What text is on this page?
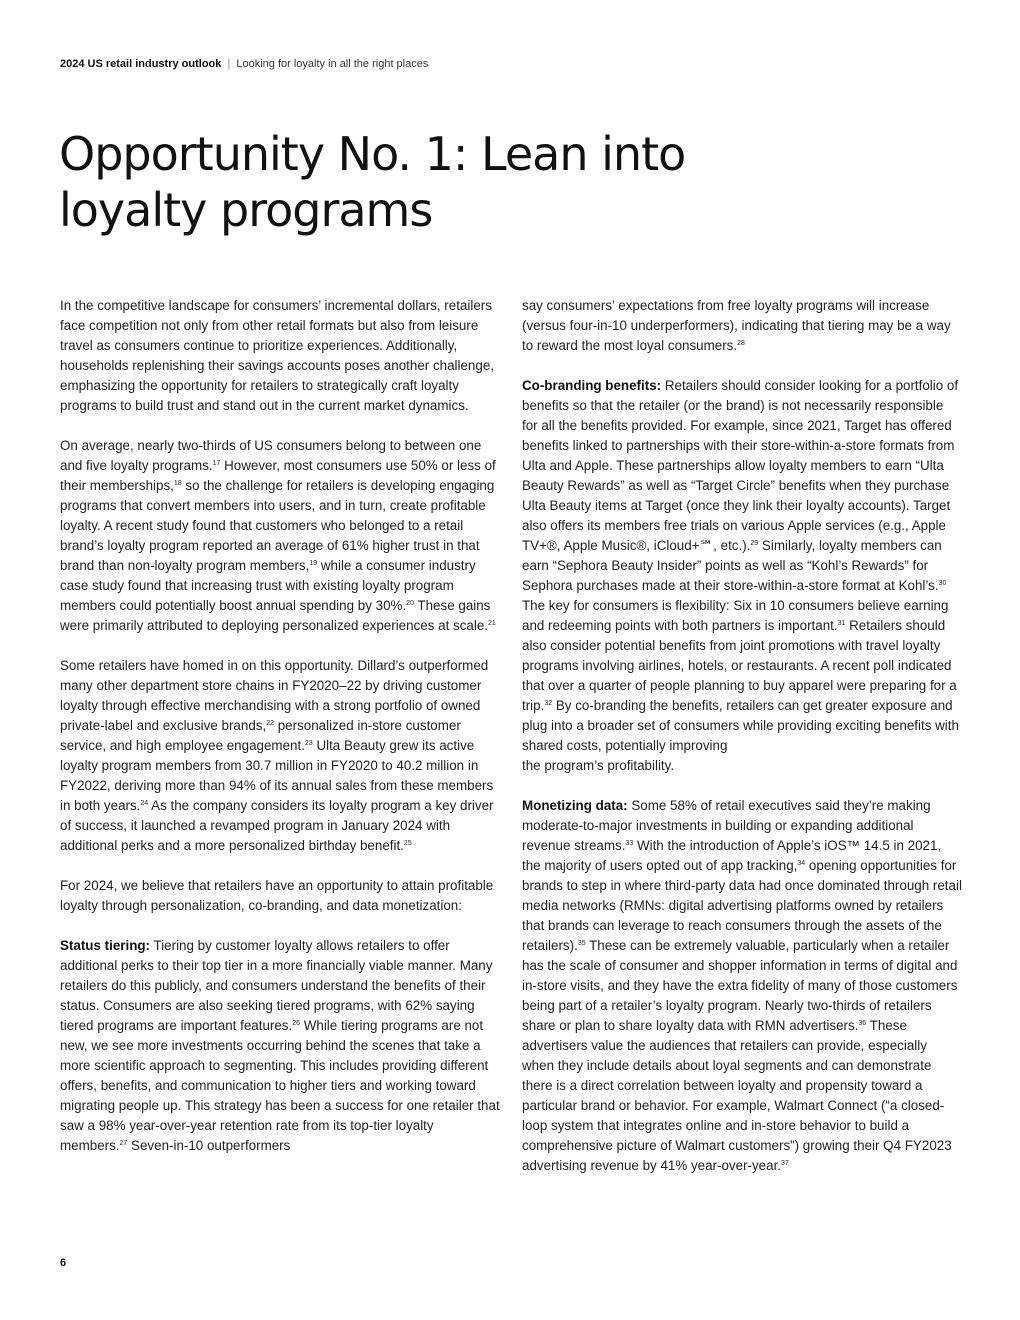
2024 US retail industry outlook | Looking for loyalty in all the right places
Opportunity No. 1: Lean into loyalty programs

In the competitive landscape for consumers’ incremental dollars, retailers face competition not only from other retail formats but also from leisure travel as consumers continue to prioritize experiences. Additionally, households replenishing their savings accounts poses another challenge, emphasizing the opportunity for retailers to strategically craft loyalty programs to build trust and stand out in the current market dynamics.

On average, nearly two-thirds of US consumers belong to between one and five loyalty programs.$^{17}$ However, most consumers use 50% or less of their memberships,$^{18}$ so the challenge for retailers is developing engaging programs that convert members into users, and in turn, create profitable loyalty. A recent study found that customers who belonged to a retail brand’s loyalty program reported an average of 61% higher trust in that brand than non-loyalty program members,$^{19}$ while a consumer industry case study found that increasing trust with existing loyalty program members could potentially boost annual spending by 30%.$^{20}$ These gains were primarily attributed to deploying personalized experiences at scale.$^{21}$

Some retailers have homed in on this opportunity. Dillard’s outperformed many other department store chains in FY2020–22 by driving customer loyalty through effective merchandising with a strong portfolio of owned private-label and exclusive brands,$^{22}$ personalized in-store customer service, and high employee engagement.$^{23}$ Ulta Beauty grew its active loyalty program members from 30.7 million in FY2020 to 40.2 million in FY2022, deriving more than 94% of its annual sales from these members in both years.$^{24}$ As the company considers its loyalty program a key driver of success, it launched a revamped program in January 2024 with additional perks and a more personalized birthday benefit.$^{25}$

For 2024, we believe that retailers have an opportunity to attain profitable loyalty through personalization, co-branding, and data monetization:

Status tiering: Tiering by customer loyalty allows retailers to offer additional perks to their top tier in a more financially viable manner. Many retailers do this publicly, and consumers understand the benefits of their status. Consumers are also seeking tiered programs, with 62% saying tiered programs are important features.$^{26}$ While tiering programs are not new, we see more investments occurring behind the scenes that take a more scientific approach to segmenting. This includes providing different offers, benefits, and communication to higher tiers and working toward migrating people up. This strategy has been a success for one retailer that saw a 98% year-over-year retention rate from its top-tier loyalty members.$^{27}$ Seven-in-10 outperformers

say consumers’ expectations from free loyalty programs will increase (versus four-in-10 underperformers), indicating that tiering may be a way to reward the most loyal consumers.$^{28}$

Co-branding benefits: Retailers should consider looking for a portfolio of benefits so that the retailer (or the brand) is not necessarily responsible for all the benefits provided. For example, since 2021, Target has offered benefits linked to partnerships with their store-within-a-store formats from Ulta and Apple. These partnerships allow loyalty members to earn “Ulta Beauty Rewards” as well as “Target Circle” benefits when they purchase Ulta Beauty items at Target (once they link their loyalty accounts). Target also offers its members free trials on various Apple services (e.g., Apple TV+®, Apple Music®, iCloud+℠, etc.).$^{29}$ Similarly, loyalty members can earn “Sephora Beauty Insider” points as well as “Kohl’s Rewards” for Sephora purchases made at their store-within-a-store format at Kohl’s.$^{30}$ The key for consumers is flexibility: Six in 10 consumers believe earning and redeeming points with both partners is important.$^{31}$ Retailers should also consider potential benefits from joint promotions with travel loyalty programs involving airlines, hotels, or restaurants. A recent poll indicated that over a quarter of people planning to buy apparel were preparing for a trip.$^{32}$ By co-branding the benefits, retailers can get greater exposure and plug into a broader set of consumers while providing exciting benefits with shared costs, potentially improving
the program’s profitability.

Monetizing data: Some 58% of retail executives said they’re making moderate-to-major investments in building or expanding additional revenue streams.$^{33}$ With the introduction of Apple’s iOS™ 14.5 in 2021, the majority of users opted out of app tracking,$^{34}$ opening opportunities for brands to step in where third-party data had once dominated through retail media networks (RMNs: digital advertising platforms owned by retailers that brands can leverage to reach consumers through the assets of the retailers).$^{35}$ These can be extremely valuable, particularly when a retailer has the scale of consumer and shopper information in terms of digital and in-store visits, and they have the extra fidelity of many of those customers being part of a retailer’s loyalty program. Nearly two-thirds of retailers share or plan to share loyalty data with RMN advertisers.$^{36}$ These advertisers value the audiences that retailers can provide, especially when they include details about loyal segments and can demonstrate there is a direct correlation between loyalty and propensity toward a particular brand or behavior. For example, Walmart Connect (“a closed-loop system that integrates online and in-store behavior to build a comprehensive picture of Walmart customers”) growing their Q4 FY2023 advertising revenue by 41% year-over-year.$^{37}$

6
